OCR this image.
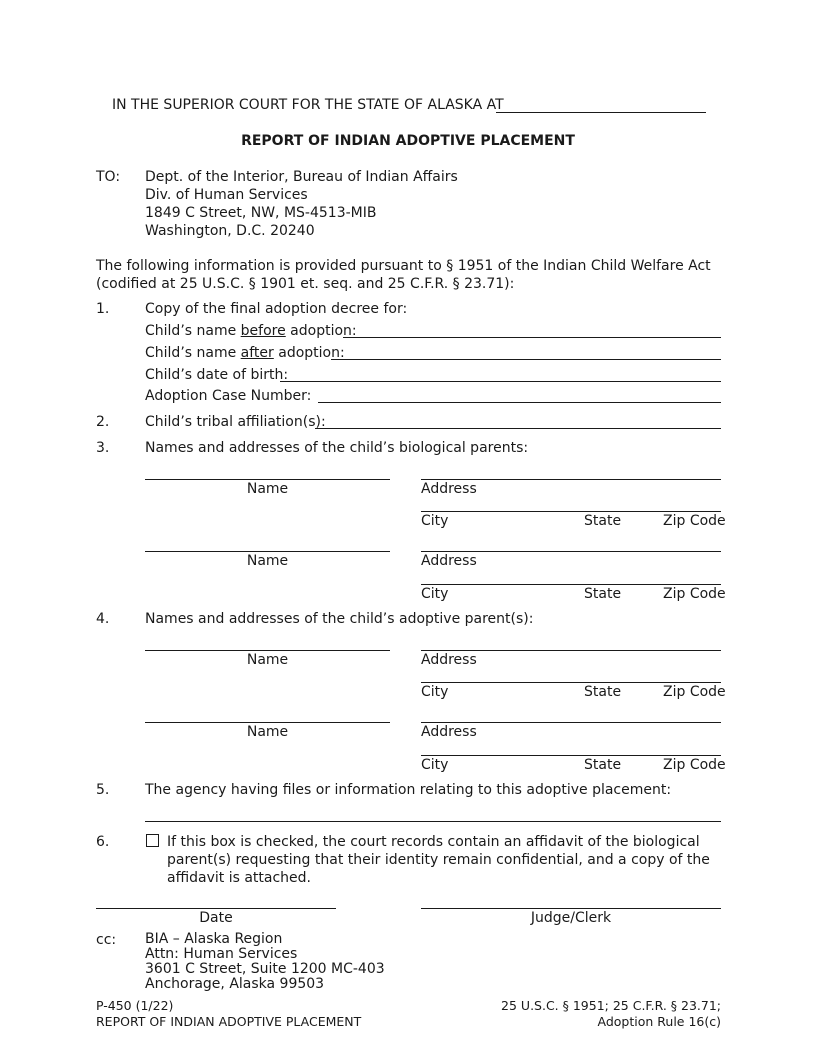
IN THE SUPERIOR COURT FOR THE STATE OF ALASKA AT
REPORT OF INDIAN ADOPTIVE PLACEMENT
TO: Dept. of the Interior, Bureau of Indian Affairs
Div. of Human Services
1849 C Street, NW, MS-4513-MIB
Washington, D.C. 20240
The following information is provided pursuant to § 1951 of the Indian Child Welfare Act
(codified at 25 U.S.C. § 1901 et. seq. and 25 C.F.R. § 23.71):
1.	Copy of the final adoption decree for:
Child’s name before adoption:
Child’s name after adoption:
Child’s date of birth:
Adoption Case Number:
2.	Child’s tribal affiliation(s):
3.	Names and addresses of the child’s biological parents:
Name	Address
City	State	Zip Code
Name	Address
City	State	Zip Code
4.	Names and addresses of the child’s adoptive parent(s):
Name	Address
City	State	Zip Code
Name	Address
City	State	Zip Code
5.	The agency having files or information relating to this adoptive placement:
6.	If this box is checked, the court records contain an affidavit of the biological
parent(s) requesting that their identity remain confidential, and a copy of the
affidavit is attached.
Date	Judge/Clerk
cc: BIA – Alaska Region
Attn: Human Services
3601 C Street, Suite 1200 MC-403
Anchorage, Alaska 99503
P-450 (1/22)
REPORT OF INDIAN ADOPTIVE PLACEMENT
25 U.S.C. § 1951; 25 C.F.R. § 23.71;
Adoption Rule 16(c)
